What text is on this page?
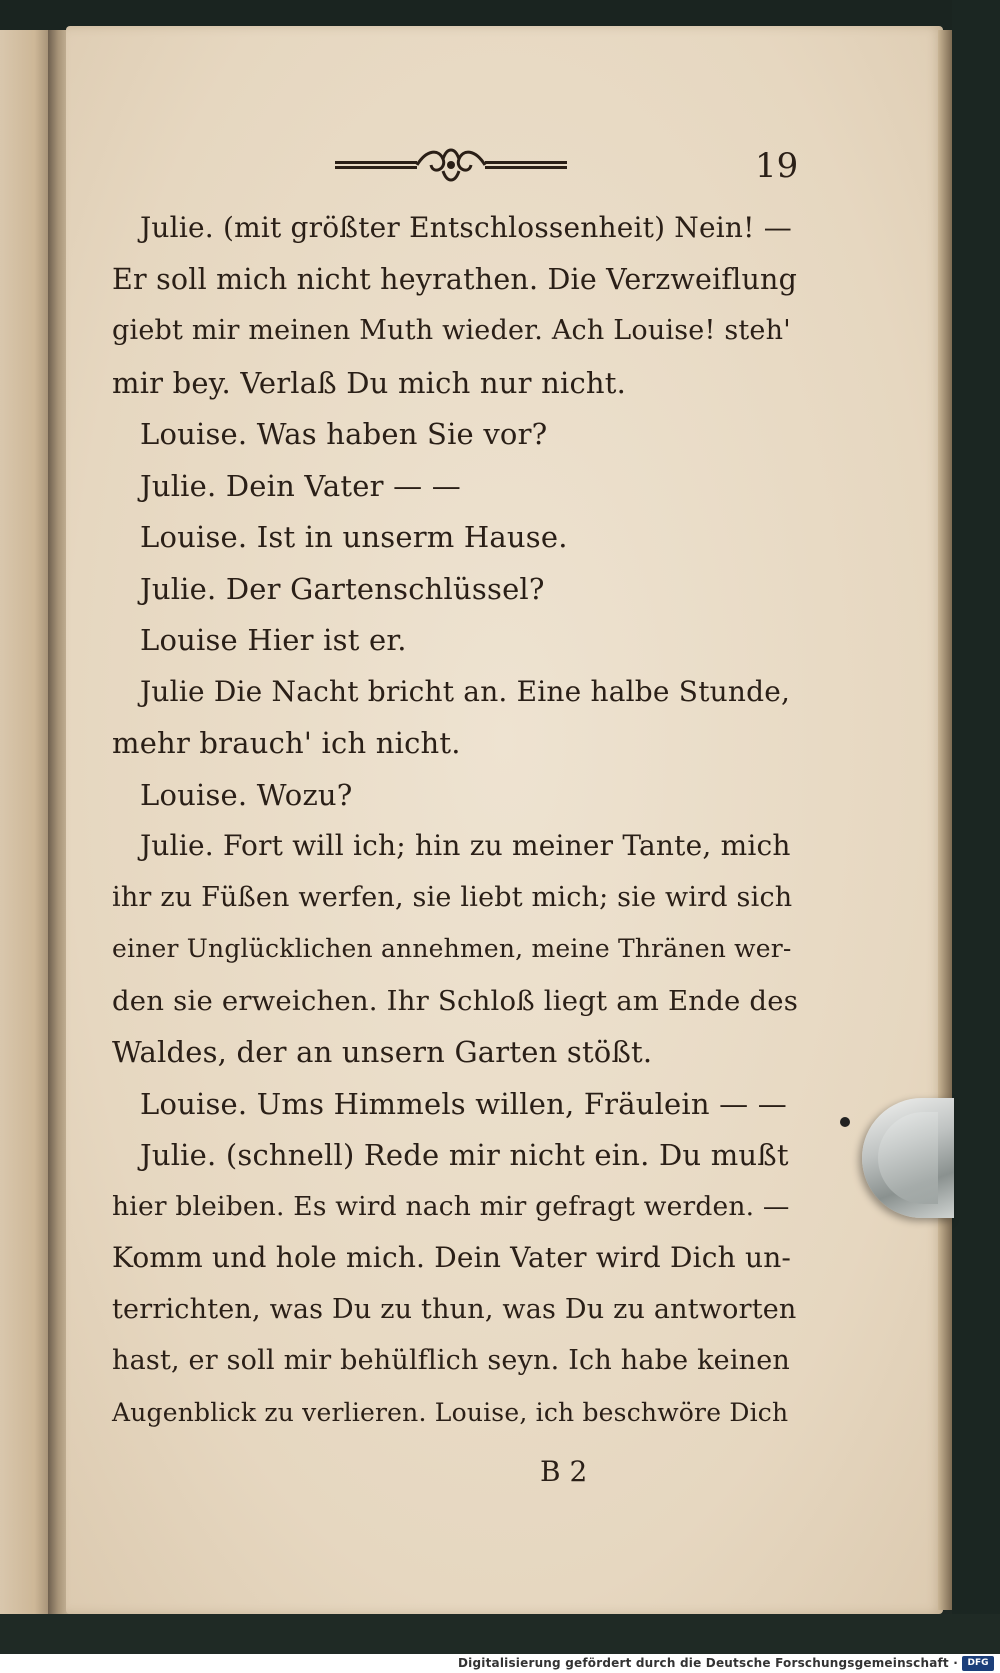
19
Julie. (mit größter Entschlossenheit) Nein! —
Er soll mich nicht heyrathen. Die Verzweiflung
giebt mir meinen Muth wieder. Ach Louise! steh'
mir bey. Verlaß Du mich nur nicht.
Louise. Was haben Sie vor?
Julie. Dein Vater — —
Louise. Ist in unserm Hause.
Julie. Der Gartenschlüssel?
Louise Hier ist er.
Julie Die Nacht bricht an. Eine halbe Stunde,
mehr brauch' ich nicht.
Louise. Wozu?
Julie. Fort will ich; hin zu meiner Tante, mich
ihr zu Füßen werfen, sie liebt mich; sie wird sich
einer Unglücklichen annehmen, meine Thränen wer-
den sie erweichen. Ihr Schloß liegt am Ende des
Waldes, der an unsern Garten stößt.
Louise. Ums Himmels willen, Fräulein — —
Julie. (schnell) Rede mir nicht ein. Du mußt
hier bleiben. Es wird nach mir gefragt werden. —
Komm und hole mich. Dein Vater wird Dich un-
terrichten, was Du zu thun, was Du zu antworten
hast, er soll mir behülflich seyn. Ich habe keinen
Augenblick zu verlieren. Louise, ich beschwöre Dich
B 2
Digitalisierung gefördert durch die Deutsche Forschungsgemeinschaft ·	DFG
